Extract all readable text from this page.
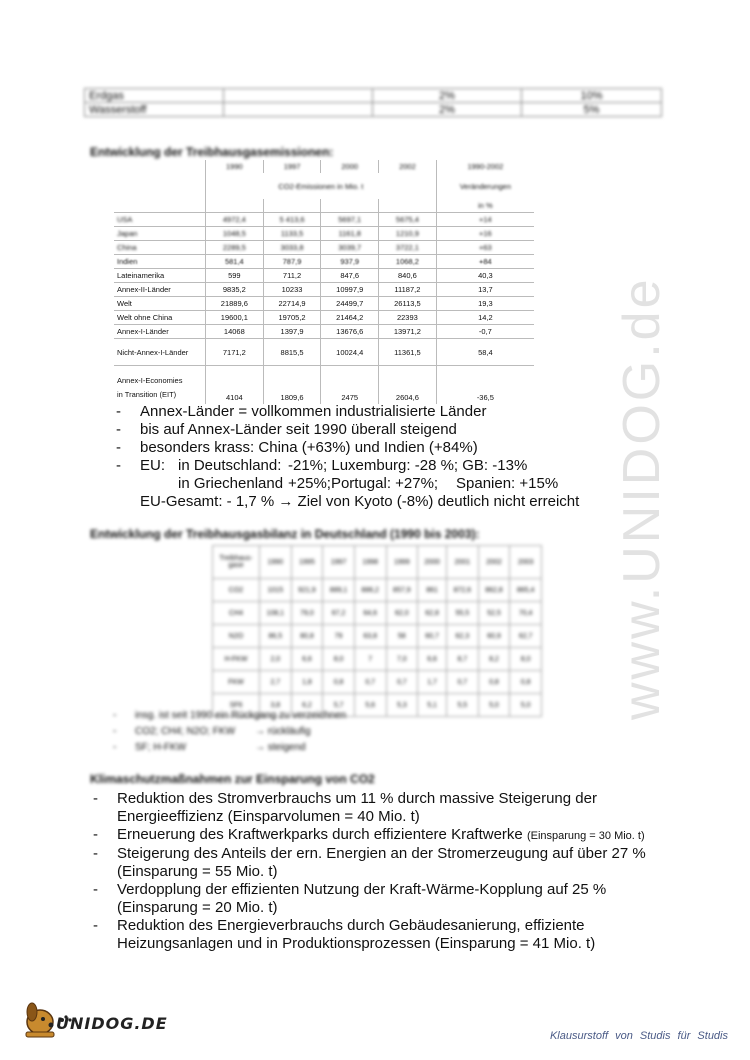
Erdgas		2%	10%
Wasserstoff		2%	5%
Entwicklung der Treibhausgasemissionen:
	1990	1997	2000	2002	1990-2002
	CO2-Emissionen in Mio. t				Veränderungen
					in %
USA	4972,4	5 413,6	5697,1	5675,4	+14
Japan	1048,5	1133,5	1161,8	1210,9	+16
China	2289,5	3033,8	3039,7	3722,1	+63
Indien	581,4	787,9	937,9	1068,2	+84
Lateinamerika	599	711,2	847,6	840,6	40,3
Annex-II-Länder	9835,2	10233	10997,9	11187,2	13,7
Welt	21889,6	22714,9	24499,7	26113,5	19,3
Welt ohne China	19600,1	19705,2	21464,2	22393	14,2
Annex-I-Länder	14068	1397,9	13676,6	13971,2	-0,7
Nicht-Annex-I-Länder	7171,2	8815,5	10024,4	11361,5	58,4
Annex-I-Economies
in Transition (EIT)	4104	1809,6	2475	2604,6	-36,5
- Annex-Länder = vollkommen industrialisierte Länder
- bis auf Annex-Länder seit 1990 überall steigend
- besonders krass: China (+63%) und Indien (+84%)
- EU: in Deutschland: -21%; Luxemburg: -28 %; GB: -13%
in Griechenland +25%;Portugal: +27%; Spanien: +15%
EU-Gesamt: - 1,7 % → Ziel von Kyoto (-8%) deutlich nicht erreicht
Entwicklung der Treibhausgasbilanz in Deutschland (1990 bis 2003):
Treibhaus-gase	1990	1995	1997	1998	1999	2000	2001	2002	2003
CO2	1015	921,9	889,1	886,2	857,9	861	872,6	862,8	865,4
CH4	108,1	79,0	67,2	64,6	62,0	62,8	55,5	52,5	70,4
N2O	86,5	80,8	79	63,8	58	60,7	62,3	60,9	62,7
H-FKW	2,0	6,6	8,0	7	7,0	6,6	8,7	8,2	8,0
FKW	2,7	1,8	0,8	0,7	0,7	1,7	0,7	0,8	0,8
SF6	3,8	6,2	5,7	5,6	5,3	5,1	5,5	5,0	5,0
- insg. ist seit 1990 ein Rückgang zu verzeichnen
- CO2; CH4; N2O; FKW → rückläufig
- SF; H-FKW	→ steigend
Klimaschutzmaßnahmen zur Einsparung von CO2
- Reduktion des Stromverbrauchs um 11 % durch massive Steigerung der Energieeffizienz (Einsparvolumen = 40 Mio. t)
- Erneuerung des Kraftwerkparks durch effizientere Kraftwerke (Einsparung = 30 Mio. t)
- Steigerung des Anteils der ern. Energien an der Stromerzeugung auf über 27 % (Einsparung = 55 Mio. t)
- Verdopplung der effizienten Nutzung der Kraft-Wärme-Kopplung auf 25 % (Einsparung = 20 Mio. t)
- Reduktion des Energieverbrauchs durch Gebäudesanierung, effiziente Heizungsanlagen und in Produktionsprozessen (Einsparung = 41 Mio. t)
www.UNIDOG.de
UNIDOG.DE
Klausurstoff von Studis für Studis
